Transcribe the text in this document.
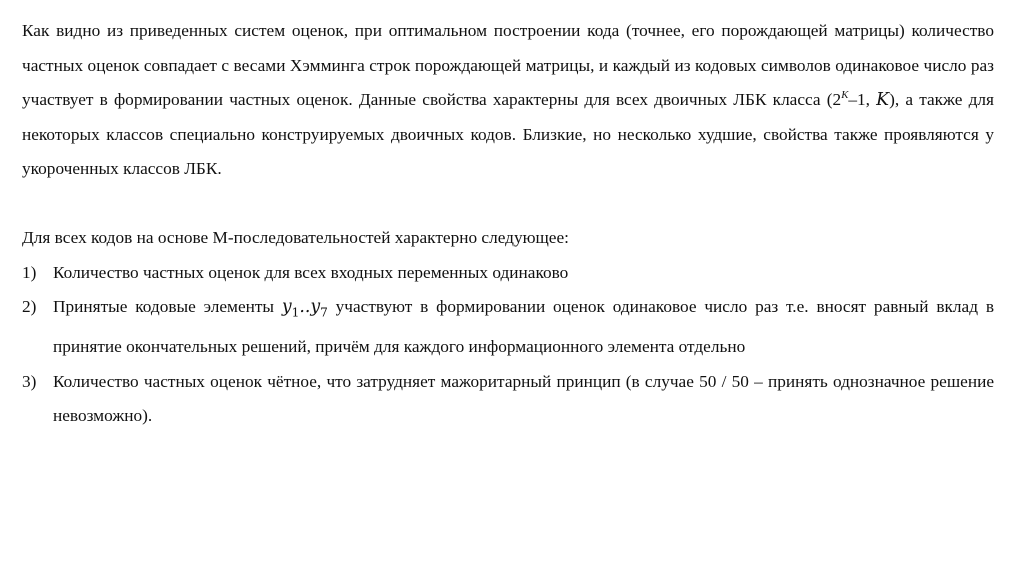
Как видно из приведенных систем оценок, при оптимальном построении кода (точнее, его порождающей матрицы) количество частных оценок совпадает с весами Хэмминга строк порождающей матрицы, и каждый из кодовых символов одинаковое число раз участвует в формировании частных оценок. Данные свойства характерны для всех двоичных ЛБК класса ($2^K-1$, K), а также для некоторых классов специально конструируемых двоичных кодов. Близкие, но несколько худшие, свойства также проявляются у укороченных классов ЛБК.

Для всех кодов на основе М-последовательностей характерно следующее:

1) Количество частных оценок для всех входных переменных одинаково
2) Принятые кодовые элементы $y_1..y_7$ участвуют в формировании оценок одинаковое число раз т.е. вносят равный вклад в принятие окончательных решений, причём для каждого информационного элемента отдельно
3) Количество частных оценок чётное, что затрудняет мажоритарный принцип (в случае 50 / 50 – принять однозначное решение невозможно).
